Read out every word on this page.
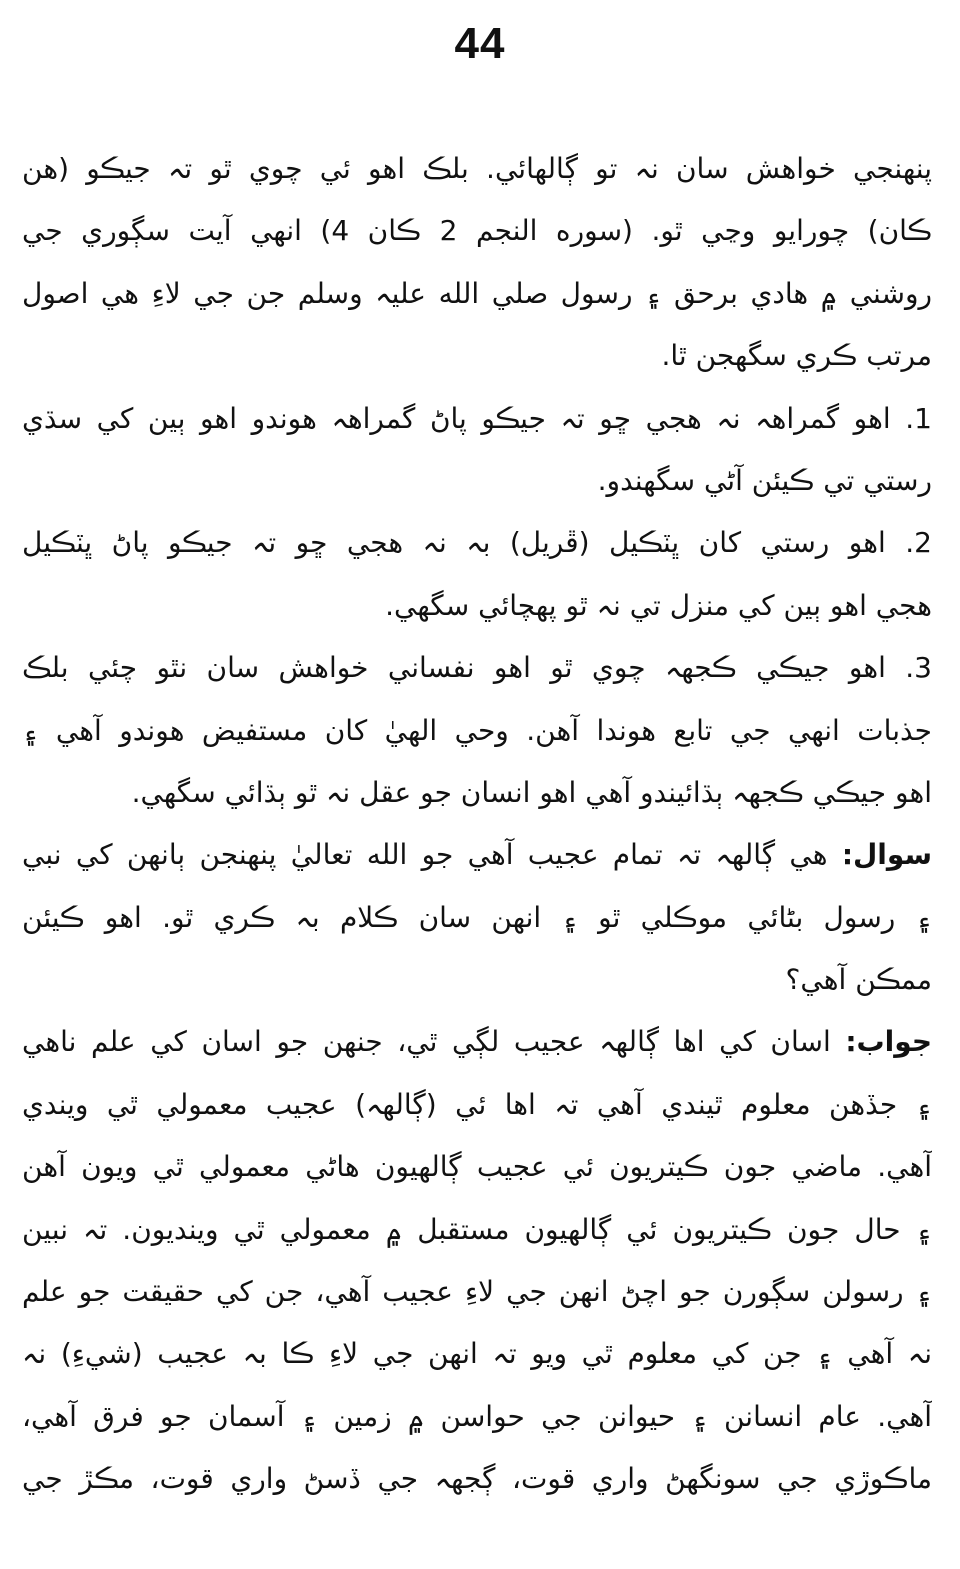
44
پنهنجي خواهش سان نہ تو ڳالهائي. بلڪ اهو ئي چوي ٿو تہ جيڪو (هن
ڪان) چورايو وڃي ٿو. (سوره النجم 2 ڪان 4) انهي آيت سڳوري جي
روشني ۾ هادي برحق ۽ رسول صلي الله عليہ وسلم جن جي لاءِ هي اصول
مرتب ڪري سگهجن ٿا.
1. اهو گمراهہ نہ هجي ڇو تہ جيڪو پاڻ گمراهہ هوندو اهو ٻين کي سڌي
رستي تي ڪيئن آڻي سگهندو.
2. اهو رستي کان ڀٽڪيل (ڦريل) بہ نہ هجي ڇو تہ جيڪو پاڻ ڀٽڪيل
هجي اهو ٻين کي منزل تي نہ ٿو پهچائي سگهي.
3. اهو جيڪي ڪجهہ چوي ٿو اهو نفساني خواهش سان نٿو چئي بلڪ
جذبات انهي جي تابع هوندا آهن. وحي الهيٰ کان مستفيض هوندو آهي ۽
اهو جيڪي ڪجهہ ٻڌائيندو آهي اهو انسان جو عقل نہ ٿو ٻڌائي سگهي.
سوال: هي ڳالهہ تہ تمام عجيب آهي جو الله تعاليٰ پنهنجن ٻانهن کي نبي
۽ رسول بڻائي موڪلي ٿو ۽ انهن سان ڪلام بہ ڪري ٿو. اهو ڪيئن
ممڪن آهي؟
جواب: اسان کي اها ڳالهہ عجيب لڳي ٿي، جنهن جو اسان کي علم ناهي
۽ جڏهن معلوم ٿيندي آهي تہ اها ئي (ڳالهہ) عجيب معمولي ٿي ويندي
آهي. ماضي جون ڪيتريون ئي عجيب ڳالهيون هاڻي معمولي ٿي ويون آهن
۽ حال جون ڪيتريون ئي ڳالهيون مستقبل ۾ معمولي ٿي وينديون. تہ نبين
۽ رسولن سڳورن جو اچڻ انهن جي لاءِ عجيب آهي، جن کي حقيقت جو علم
نہ آهي ۽ جن کي معلوم ٿي ويو تہ انهن جي لاءِ ڪا بہ عجيب (شيءِ) نہ
آهي. عام انسانن ۽ حيوانن جي حواسن ۾ زمين ۽ آسمان جو فرق آهي،
ماڪوڙي جي سونگهڻ واري قوت، ڳجهہ جي ڏسڻ واري قوت، مڪڙ جي
